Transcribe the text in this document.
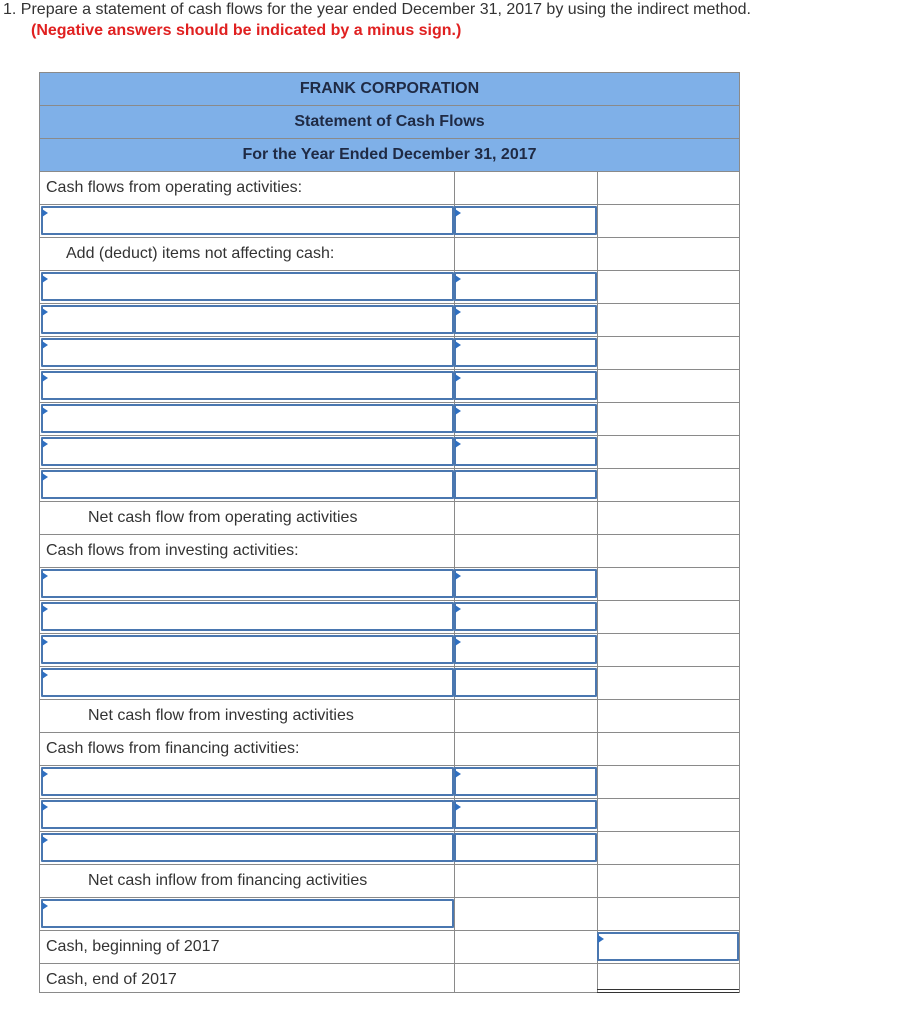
1. Prepare a statement of cash flows for the year ended December 31, 2017 by using the indirect method.
(Negative answers should be indicated by a minus sign.)
FRANK CORPORATION
Statement of Cash Flows
For the Year Ended December 31, 2017
Cash flows from operating activities:
Add (deduct) items not affecting cash:
Net cash flow from operating activities
Cash flows from investing activities:
Net cash flow from investing activities
Cash flows from financing activities:
Net cash inflow from financing activities
Cash, beginning of 2017
Cash, end of 2017
